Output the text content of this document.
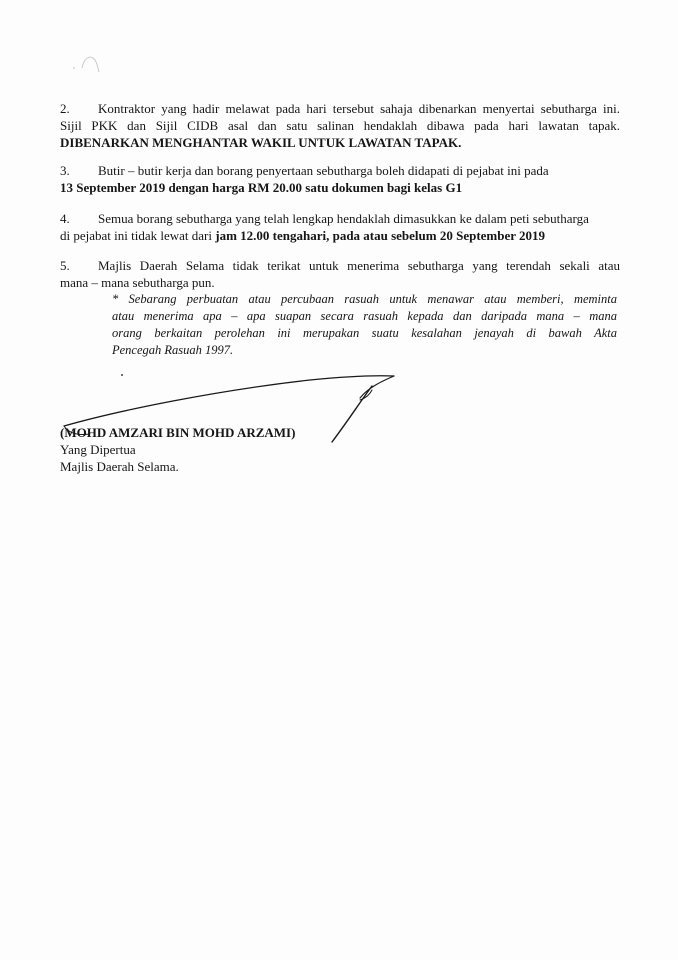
2. Kontraktor yang hadir melawat pada hari tersebut sahaja dibenarkan menyertai sebutharga ini.
Sijil PKK dan Sijil CIDB asal dan satu salinan hendaklah dibawa pada hari lawatan tapak.
DIBENARKAN MENGHANTAR WAKIL UNTUK LAWATAN TAPAK.
3. Butir – butir kerja dan borang penyertaan sebutharga boleh didapati di pejabat ini pada
13 September 2019 dengan harga RM 20.00 satu dokumen bagi kelas G1
4. Semua borang sebutharga yang telah lengkap hendaklah dimasukkan ke dalam peti sebutharga
di pejabat ini tidak lewat dari jam 12.00 tengahari, pada atau sebelum 20 September 2019
5. Majlis Daerah Selama tidak terikat untuk menerima sebutharga yang terendah sekali atau
mana – mana sebutharga pun.
* Sebarang perbuatan atau percubaan rasuah untuk menawar atau memberi, meminta
atau menerima apa – apa suapan secara rasuah kepada dan daripada mana – mana
orang berkaitan perolehan ini merupakan suatu kesalahan jenayah di bawah Akta
Pencegah Rasuah 1997.
(MOHD AMZARI BIN MOHD ARZAMI)
Yang Dipertua
Majlis Daerah Selama.
